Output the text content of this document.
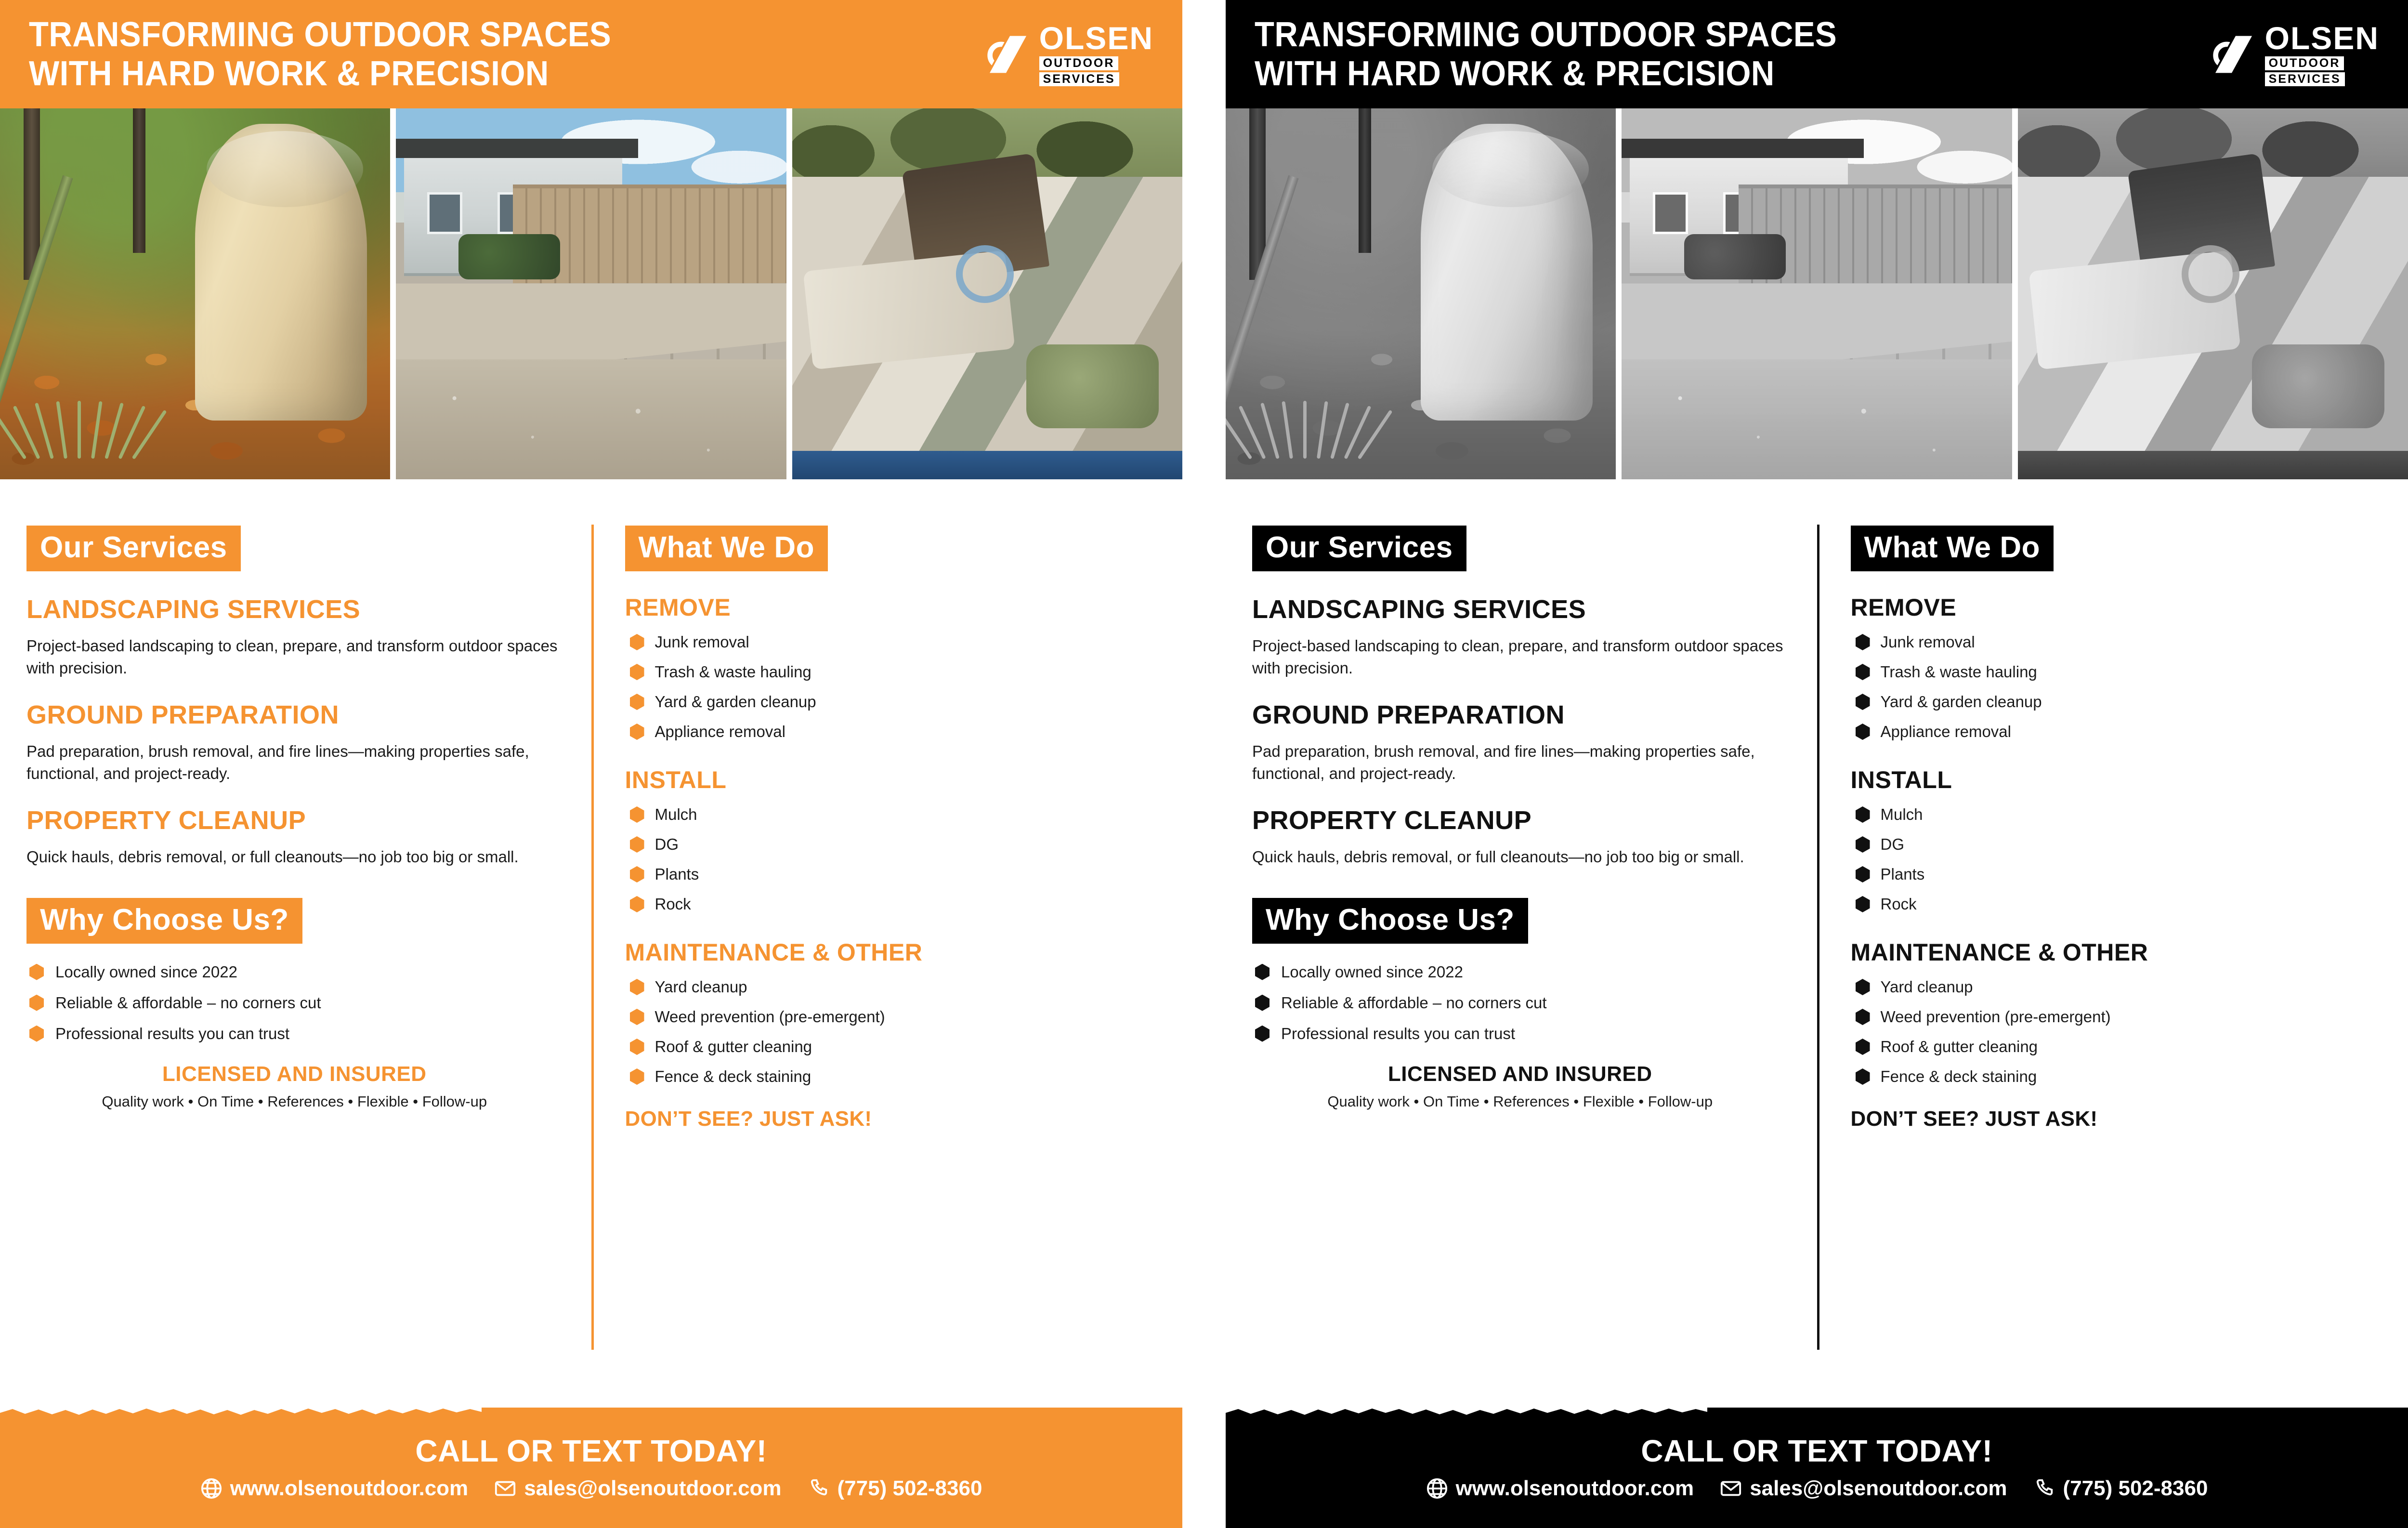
TRANSFORMING OUTDOOR SPACES
WITH HARD WORK & PRECISION
OLSEN
OUTDOOR
SERVICES
Our Services
LANDSCAPING SERVICES
Project-based landscaping to clean, prepare, and transform outdoor spaces with precision.
GROUND PREPARATION
Pad preparation, brush removal, and fire lines—making properties safe, functional, and project-ready.
PROPERTY CLEANUP
Quick hauls, debris removal, or full cleanouts—no job too big or small.
Why Choose Us?
Locally owned since 2022
Reliable & affordable – no corners cut
Professional results you can trust
LICENSED AND INSURED
Quality work • On Time • References • Flexible • Follow-up
What We Do
REMOVE
Junk removal
Trash & waste hauling
Yard & garden cleanup
Appliance removal
INSTALL
Mulch
DG
Plants
Rock
MAINTENANCE & OTHER
Yard cleanup
Weed prevention (pre-emergent)
Roof & gutter cleaning
Fence & deck staining
DON’T SEE? JUST ASK!
CALL OR TEXT TODAY!
www.olsenoutdoor.com	sales@olsenoutdoor.com	(775) 502-8360
TRANSFORMING OUTDOOR SPACES
WITH HARD WORK & PRECISION
OLSEN
OUTDOOR
SERVICES
Our Services
LANDSCAPING SERVICES
Project-based landscaping to clean, prepare, and transform outdoor spaces with precision.
GROUND PREPARATION
Pad preparation, brush removal, and fire lines—making properties safe, functional, and project-ready.
PROPERTY CLEANUP
Quick hauls, debris removal, or full cleanouts—no job too big or small.
Why Choose Us?
Locally owned since 2022
Reliable & affordable – no corners cut
Professional results you can trust
LICENSED AND INSURED
Quality work • On Time • References • Flexible • Follow-up
What We Do
REMOVE
Junk removal
Trash & waste hauling
Yard & garden cleanup
Appliance removal
INSTALL
Mulch
DG
Plants
Rock
MAINTENANCE & OTHER
Yard cleanup
Weed prevention (pre-emergent)
Roof & gutter cleaning
Fence & deck staining
DON’T SEE? JUST ASK!
CALL OR TEXT TODAY!
www.olsenoutdoor.com	sales@olsenoutdoor.com	(775) 502-8360
